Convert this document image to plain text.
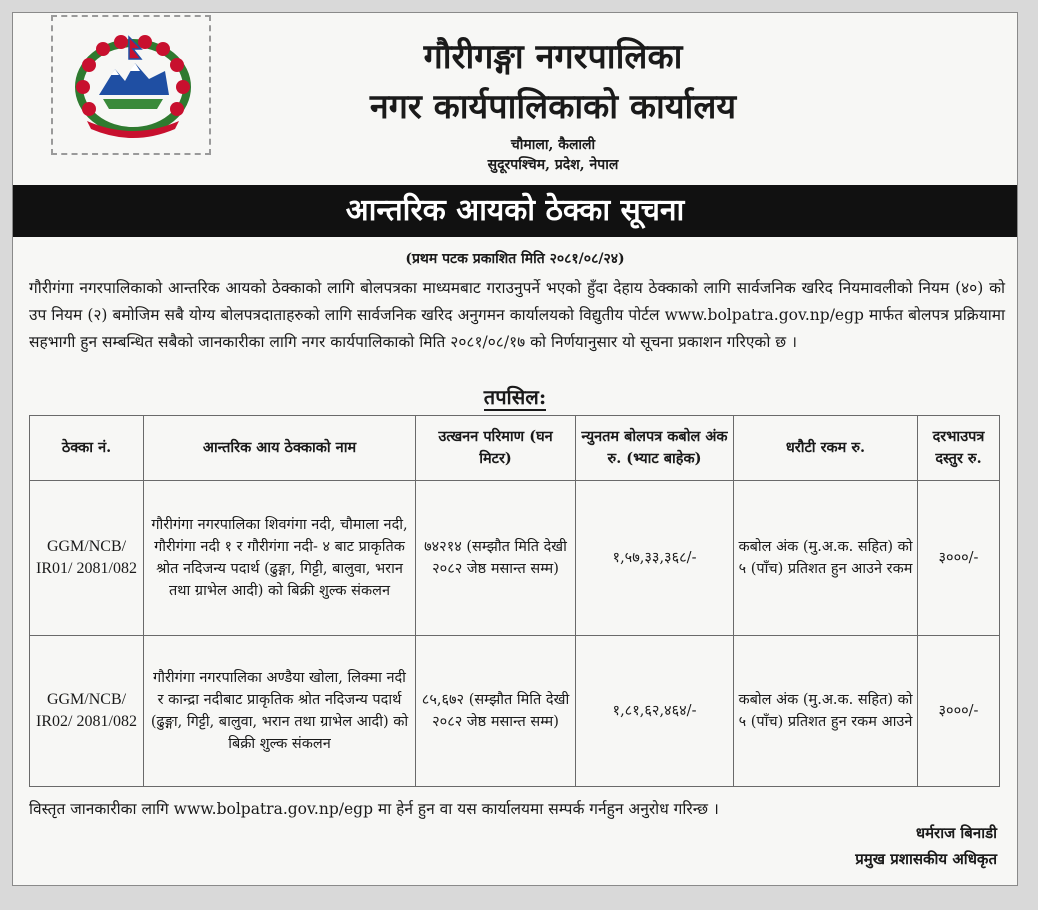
गौरीगङ्गा नगरपालिका
नगर कार्यपालिकाको कार्यालय
चौमाला, कैलाली
सुदूरपश्चिम, प्रदेश, नेपाल
आन्तरिक आयको ठेक्का सूचना
(प्रथम पटक प्रकाशित मिति २०८१/०८/२४)
गौरीगंगा नगरपालिकाको आन्तरिक आयको ठेक्काको लागि बोलपत्रका माध्यमबाट गराउनुपर्ने भएको हुँदा देहाय ठेक्काको लागि सार्वजनिक खरिद नियमावलीको नियम (४०) को उप नियम (२) बमोजिम सबै योग्य बोलपत्रदाताहरुको लागि सार्वजनिक खरिद अनुगमन कार्यालयको विद्युतीय पोर्टल www.bolpatra.gov.np/egp मार्फत बोलपत्र प्रक्रियामा सहभागी हुन सम्बन्धित सबैको जानकारीका लागि नगर कार्यपालिकाको मिति २०८१/०८/१७ को निर्णयानुसार यो सूचना प्रकाशन गरिएको छ ।
तपसिल:
ठेक्का नं.	आन्तरिक आय ठेक्काको नाम	उत्खनन परिमाण (घन मिटर)	न्युनतम बोलपत्र कबोल अंक रु. (भ्याट बाहेक)	धरौटी रकम रु.	दरभाउपत्र दस्तुर रु.
GGM/NCB/ IR01/ 2081/082	गौरीगंगा नगरपालिका शिवगंगा नदी, चौमाला नदी, गौरीगंगा नदी १ र गौरीगंगा नदी- ४ बाट प्राकृतिक श्रोत नदिजन्य पदार्थ (ढुङ्गा, गिट्टी, बालुवा, भरान तथा ग्राभेल आदी) को बिक्री शुल्क संकलन	७४२१४ (सम्झौत मिति देखी २०८२ जेष्ठ मसान्त सम्म)	१,५७,३३,३६८/-	कबोल अंक (मु.अ.क. सहित) को ५ (पाँच) प्रतिशत हुन आउने रकम	३०००/-
GGM/NCB/ IR02/ 2081/082	गौरीगंगा नगरपालिका अण्डैया खोला, लिक्मा नदी र कान्द्रा नदीबाट प्राकृतिक श्रोत नदिजन्य पदार्थ (ढुङ्गा, गिट्टी, बालुवा, भरान तथा ग्राभेल आदी) को बिक्री शुल्क संकलन	८५,६७२ (सम्झौत मिति देखी २०८२ जेष्ठ मसान्त सम्म)	१,८१,६२,४६४/-	कबोल अंक (मु.अ.क. सहित) को ५ (पाँच) प्रतिशत हुन रकम आउने	३०००/-
विस्तृत जानकारीका लागि www.bolpatra.gov.np/egp मा हेर्न हुन वा यस कार्यालयमा सम्पर्क गर्नहुन अनुरोध गरिन्छ ।
धर्मराज बिनाडी
प्रमुख प्रशासकीय अधिकृत
